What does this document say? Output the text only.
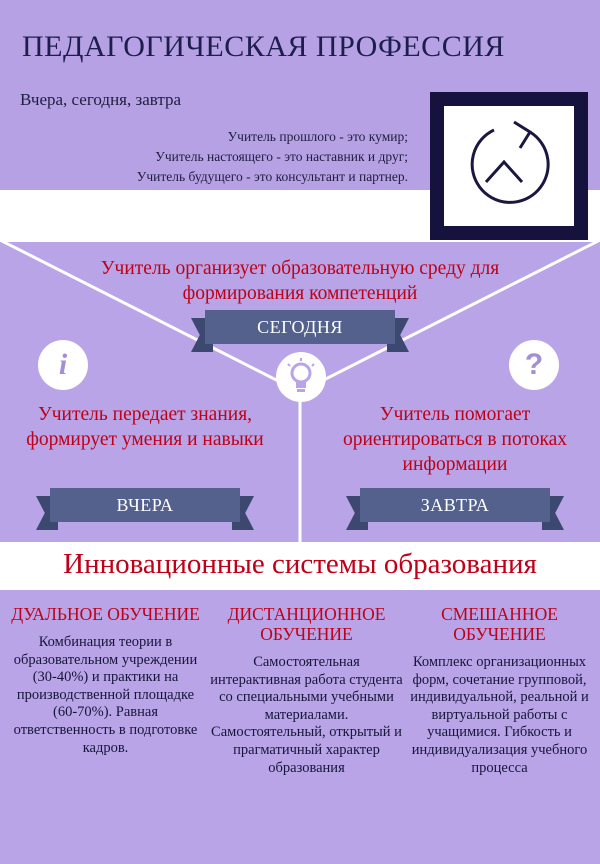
ПЕДАГОГИЧЕСКАЯ ПРОФЕССИЯ
Вчера, сегодня, завтра
Учитель прошлого - это кумир;
Учитель настоящего - это наставник и друг;
Учитель будущего - это консультант и партнер.
Учитель организует образовательную среду для формирования компетенций
СЕГОДНЯ
i	?
Учитель передает знания, формирует умения и навыки
Учитель помогает ориентироваться в потоках информации
ВЧЕРА	ЗАВТРА
Инновационные системы образования
ДУАЛЬНОЕ ОБУЧЕНИЕ

Комбинация теории в образовательном учреждении (30-40%) и практики на производственной площадке (60-70%). Равная ответственность в подготовке кадров.

ДИСТАНЦИОННОЕ ОБУЧЕНИЕ

Самостоятельная интерактивная работа студента со специальными учебными материалами. Самостоятельный, открытый и прагматичный характер образования

СМЕШАННОЕ ОБУЧЕНИЕ

Комплекс организационных форм, сочетание групповой, индивидуальной, реальной и виртуальной работы с учащимися. Гибкость и индивидуализация учебного процесса
